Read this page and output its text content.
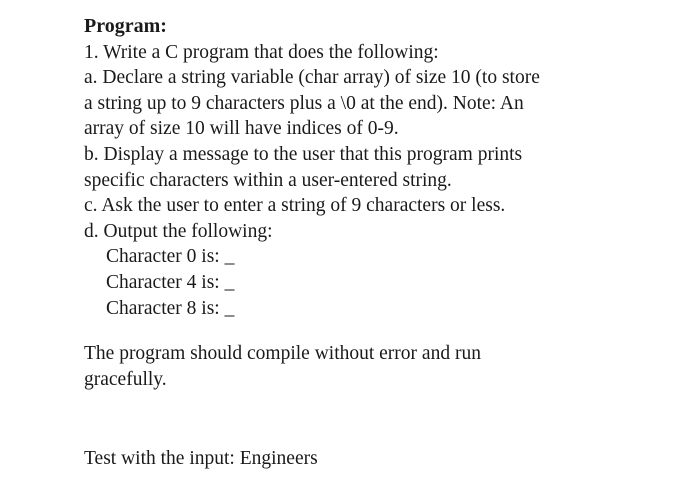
Program:

1. Write a C program that does the following:

a. Declare a string variable (char array) of size 10 (to store

a string up to 9 characters plus a \0 at the end). Note: An

array of size 10 will have indices of 0-9.

b. Display a message to the user that this program prints

specific characters within a user-entered string.

c. Ask the user to enter a string of 9 characters or less.

d. Output the following:

Character 0 is: _

Character 4 is: _

Character 8 is: _

The program should compile without error and run

gracefully.

Test with the input: Engineers
